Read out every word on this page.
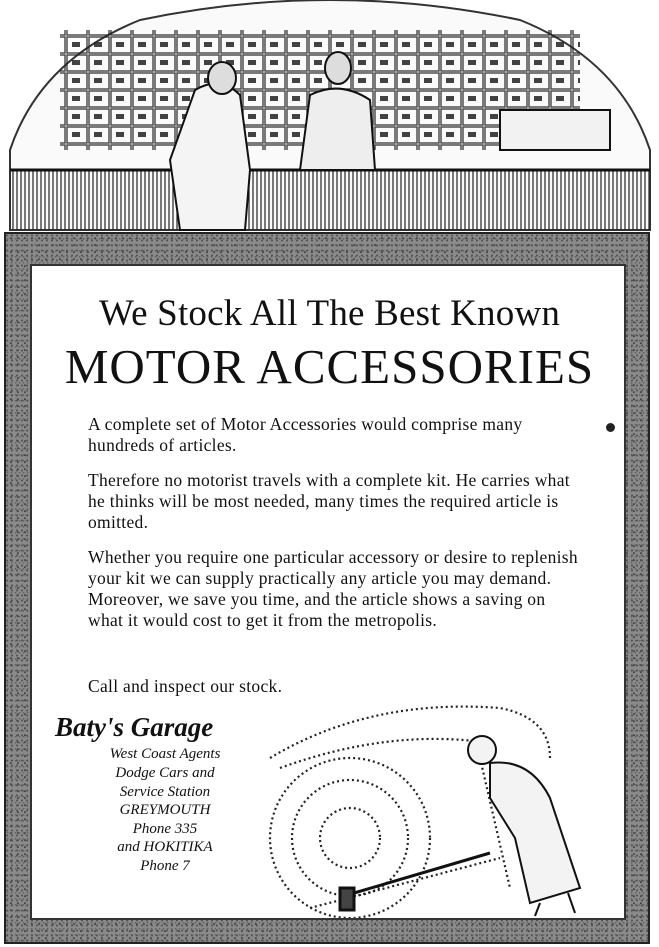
We Stock All The Best Known
MOTOR ACCESSORIES
A complete set of Motor Accessories would comprise many hundreds of articles.
Therefore no motorist travels with a complete kit. He carries what he thinks will be most needed, many times the required article is omitted.
Whether you require one particular accessory or desire to replenish your kit we can supply practically any article you may demand. Moreover, we save you time, and the article shows a saving on what it would cost to get it from the metropolis.
Call and inspect our stock.
Baty's Garage
West Coast Agents
Dodge Cars and
Service Station
GREYMOUTH
Phone 335
and HOKITIKA
Phone 7
